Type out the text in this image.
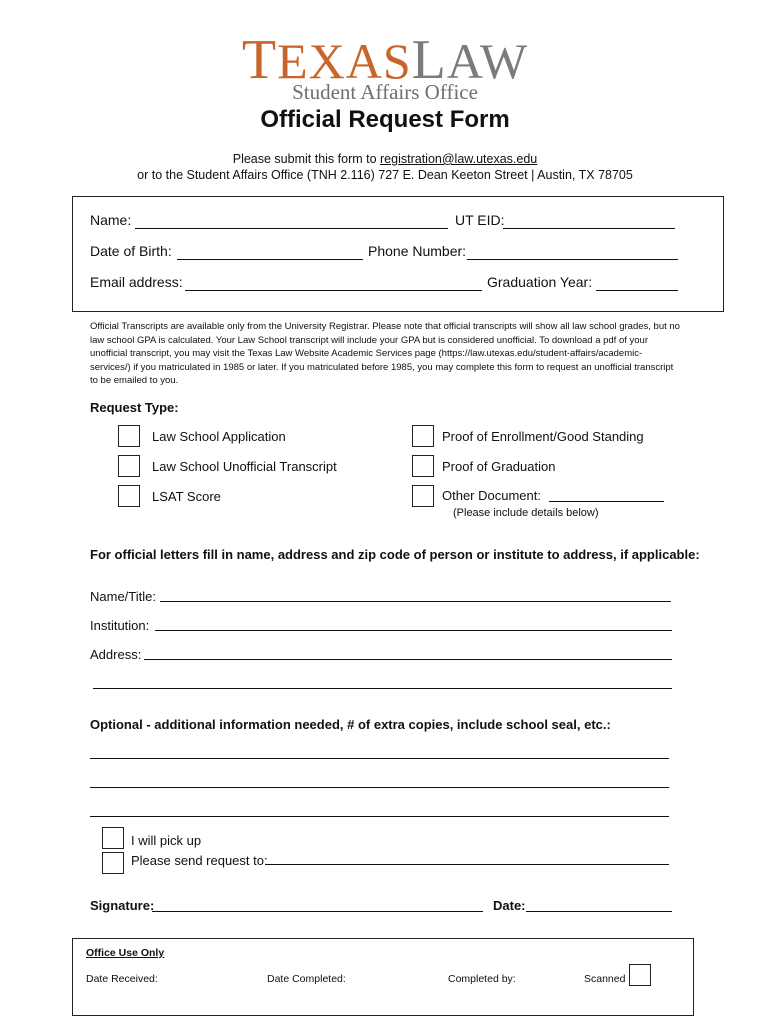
TEXASLAW
Student Affairs Office
Official Request Form
Please submit this form to registration@law.utexas.edu
or to the Student Affairs Office (TNH 2.116) 727 E. Dean Keeton Street | Austin, TX 78705
Name:	UT EID:
Date of Birth:	Phone Number:
Email address:	Graduation Year:
Official Transcripts are available only from the University Registrar. Please note that official transcripts will show all law school grades, but no law school GPA is calculated. Your Law School transcript will include your GPA but is considered unofficial. To download a pdf of your unofficial transcript, you may visit the Texas Law Website Academic Services page (https://law.utexas.edu/student-affairs/academic-services/) if you matriculated in 1985 or later. If you matriculated before 1985, you may complete this form to request an unofficial transcript to be emailed to you.
Request Type:
Law School Application
Law School Unofficial Transcript
LSAT Score
Proof of Enrollment/Good Standing
Proof of Graduation
Other Document:
(Please include details below)
For official letters fill in name, address and zip code of person or institute to address, if applicable:
Name/Title:
Institution:
Address:
Optional - additional information needed, # of extra copies, include school seal, etc.:
I will pick up
Please send request to:
Signature:	Date:
Office Use Only
Date Received:	Date Completed:	Completed by:	Scanned
